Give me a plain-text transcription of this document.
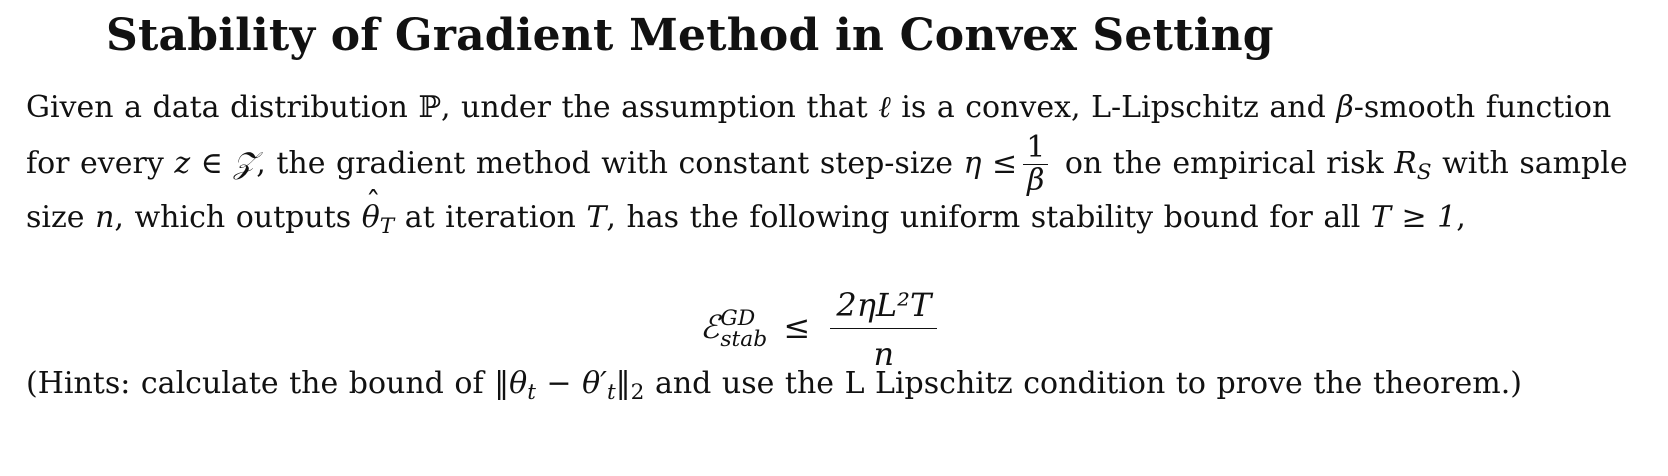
Stability of Gradient Method in Convex Setting
Given a data distribution ℙ, under the assumption that ℓ is a convex, L-Lipschitz and β-smooth function
for every z ∈ 𝒵, the gradient method with constant step-size $\eta \le \frac{1}{\beta}$ on the empirical risk $R_S$ with sample
size n, which outputs ˆ $\theta_T$ at iteration T, has the following uniform stability bound for all T ≥ 1,
ℰ GD
stab ≤ $\frac{\text{2ηL²T}}{n}$
(Hints: calculate the bound of $‖\theta_t$ − $\theta'_t‖_2$ and use the L Lipschitz condition to prove the theorem.)
